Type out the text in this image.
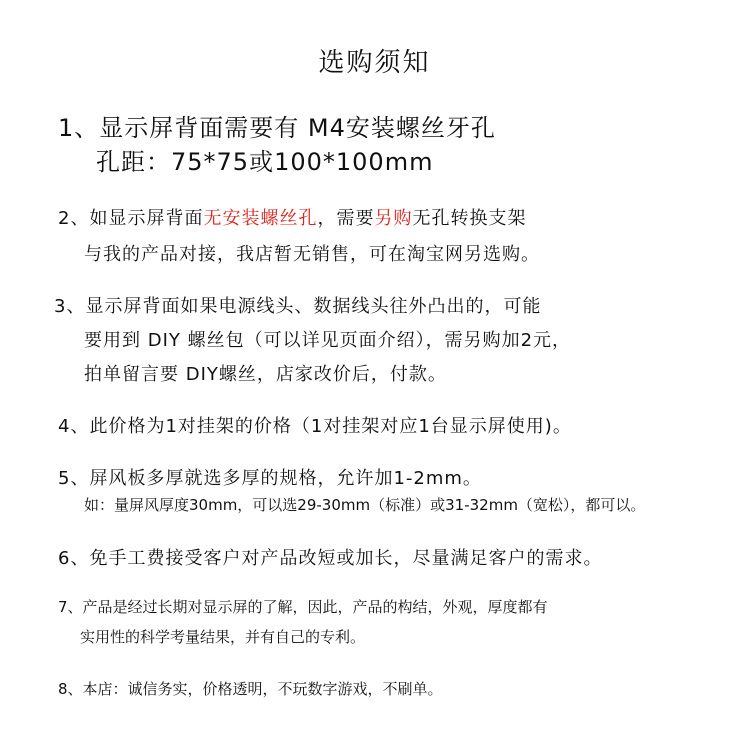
选购须知
1、显示屏背面需要有 M4安装螺丝牙孔
孔距：75*75或100*100mm
2、如显示屏背面无安装螺丝孔，需要另购无孔转换支架
与我的产品对接，我店暂无销售，可在淘宝网另选购。
3、显示屏背面如果电源线头、数据线头往外凸出的，可能
要用到 DIY 螺丝包（可以详见页面介绍），需另购加2元，
拍单留言要 DIY螺丝，店家改价后，付款。
4、此价格为1对挂架的价格（1对挂架对应1台显示屏使用)。
5、屏风板多厚就选多厚的规格，允许加1-2mm。
如：量屏风厚度30mm，可以选29-30mm（标准）或31-32mm（宽松），都可以。
6、免手工费接受客户对产品改短或加长，尽量满足客户的需求。
7、产品是经过长期对显示屏的了解，因此，产品的构结，外观，厚度都有
实用性的科学考量结果，并有自己的专利。
8、本店：诚信务实，价格透明，不玩数字游戏，不刷单。
